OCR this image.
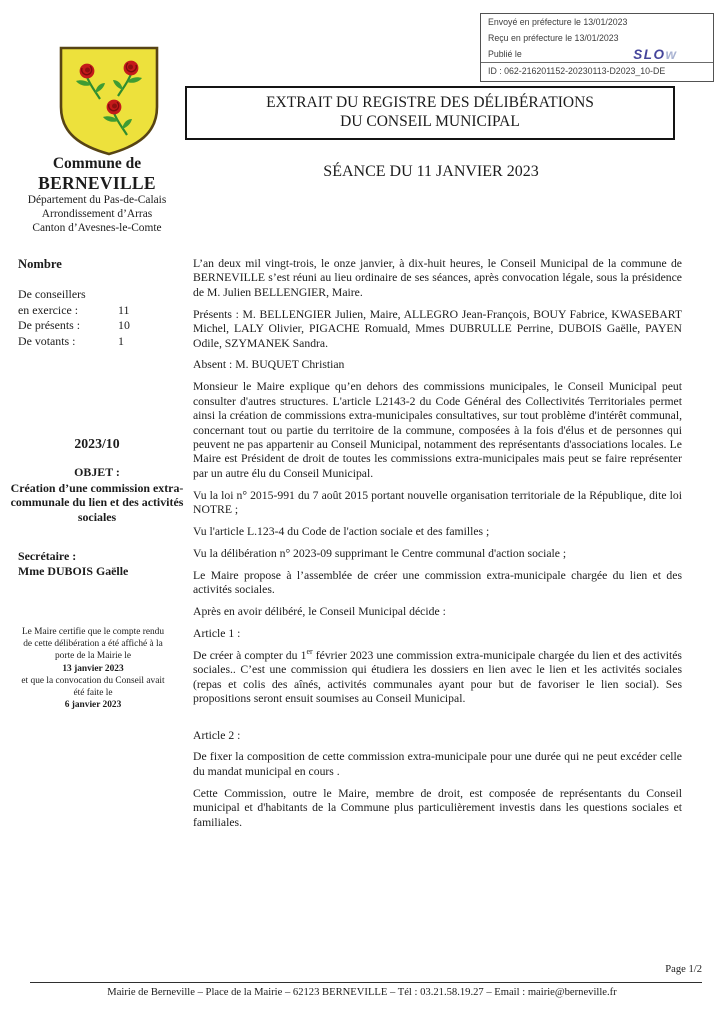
Envoyé en préfecture le 13/01/2023
Reçu en préfecture le 13/01/2023
Publié le	SLOw
ID : 062-216201152-20230113-D2023_10-DE
Commune de
BERNEVILLE
Département du Pas-de-Calais
Arrondissement d’Arras
Canton d’Avesnes-le-Comte
EXTRAIT DU REGISTRE DES DÉLIBÉRATIONS
DU CONSEIL MUNICIPAL
SÉANCE DU 11 JANVIER 2023
Nombre
De conseillers
en exercice :	11
De présents :	10
De votants :	1
2023/10
OBJET :
Création d’une commission extra-communale du lien et des activités sociales
Secrétaire :
Mme DUBOIS Gaëlle
Le Maire certifie que le compte rendu de cette délibération a été affiché à la porte de la Mairie le
13 janvier 2023
et que la convocation du Conseil avait été faite le
6 janvier 2023

L’an deux mil vingt-trois, le onze janvier, à dix-huit heures, le Conseil Municipal de la commune de BERNEVILLE s’est réuni au lieu ordinaire de ses séances, après convocation légale, sous la présidence de M. Julien BELLENGIER, Maire.

Présents : M. BELLENGIER Julien, Maire, ALLEGRO Jean-François, BOUY Fabrice, KWASEBART Michel, LALY Olivier, PIGACHE Romuald, Mmes DUBRULLE Perrine, DUBOIS Gaëlle, PAYEN Odile, SZYMANEK Sandra.

Absent : M. BUQUET Christian

Monsieur le Maire explique qu’en dehors des commissions municipales, le Conseil Municipal peut consulter d'autres structures. L'article L2143-2 du Code Général des Collectivités Territoriales permet ainsi la création de commissions extra-municipales consultatives, sur tout problème d'intérêt communal, concernant tout ou partie du territoire de la commune, composées à la fois d'élus et de personnes qui peuvent ne pas appartenir au Conseil Municipal, notamment des représentants d'associations locales. Le Maire est Président de droit de toutes les commissions extra-municipales mais peut se faire représenter par un autre élu du Conseil Municipal.

Vu la loi n° 2015-991 du 7 août 2015 portant nouvelle organisation territoriale de la République, dite loi NOTRE ;

Vu l'article L.123-4 du Code de l'action sociale et des familles ;

Vu la délibération n° 2023-09 supprimant le Centre communal d'action sociale ;

Le Maire propose à l’assemblée de créer une commission extra-municipale chargée du lien et des activités sociales.

Après en avoir délibéré, le Conseil Municipal décide :

Article 1 :

De créer à compter du 1er février 2023 une commission extra-municipale chargée du lien et des activités sociales.. C’est une commission qui étudiera les dossiers en lien avec le lien et les activités sociales (repas et colis des aînés, activités communales ayant pour but de favoriser le lien social). Ses propositions seront ensuit soumises au Conseil Municipal.

Article 2 :

De fixer la composition de cette commission extra-municipale pour une durée qui ne peut excéder celle du mandat municipal en cours .

Cette Commission, outre le Maire, membre de droit, est composée de représentants du Conseil municipal et d'habitants de la Commune plus particulièrement investis dans les questions sociales et familiales.

Page 1/2
Mairie de Berneville – Place de la Mairie – 62123 BERNEVILLE – Tél : 03.21.58.19.27 – Email : mairie@berneville.fr
